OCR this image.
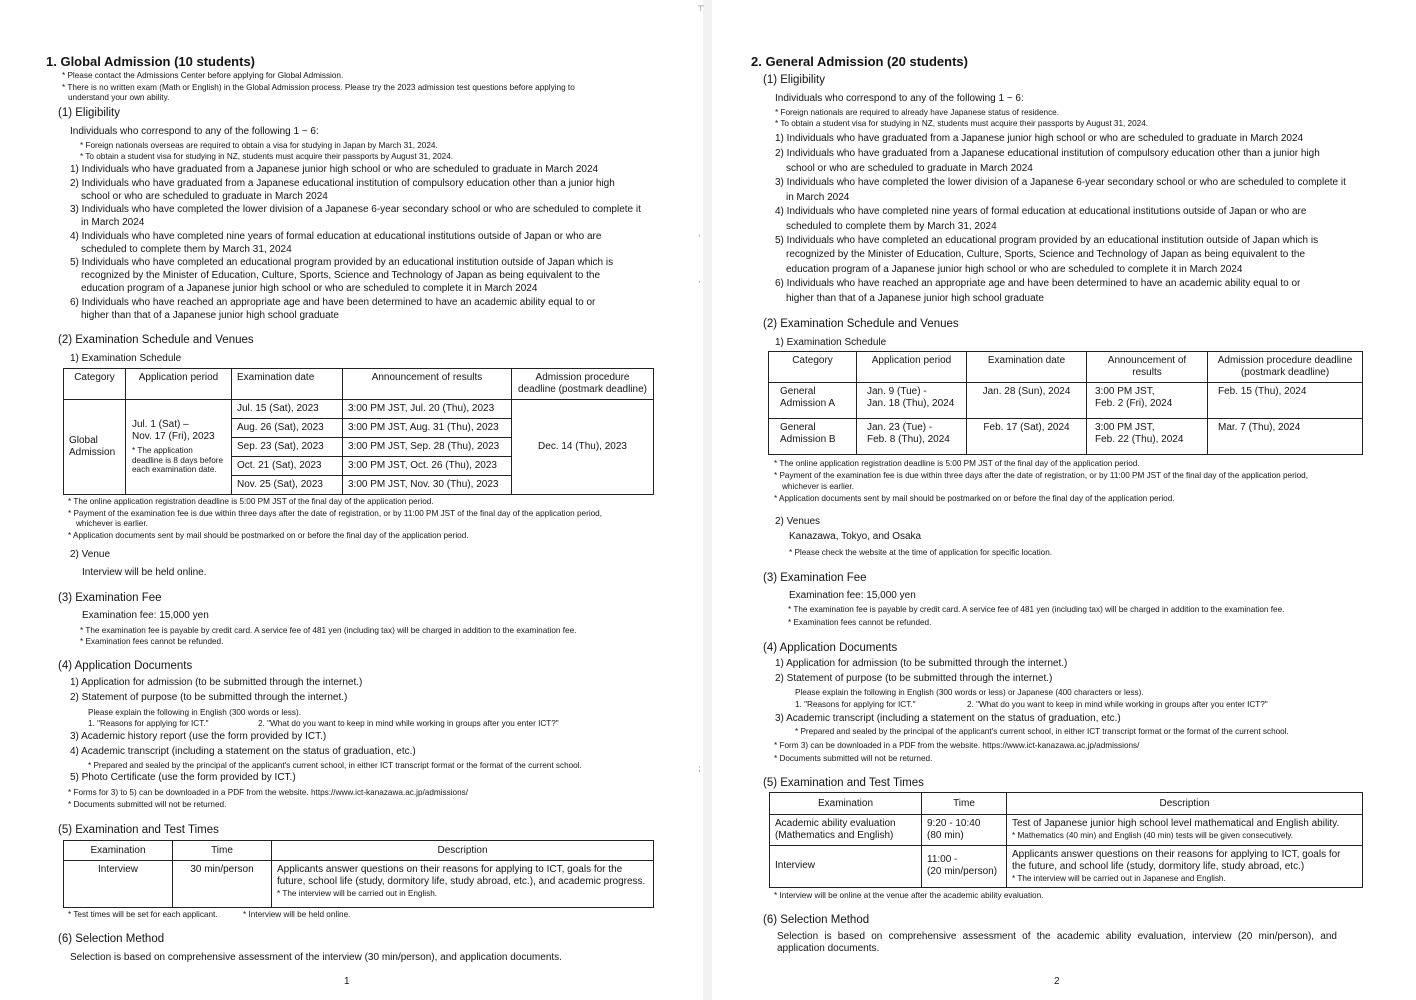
1. Global Admission (10 students)
* Please contact the Admissions Center before applying for Global Admission.
* There is no written exam (Math or English) in the Global Admission process. Please try the 2023 admission test questions before applying to
understand your own ability.
(1) Eligibility
Individuals who correspond to any of the following 1 ~ 6:
* Foreign nationals overseas are required to obtain a visa for studying in Japan by March 31, 2024.
* To obtain a student visa for studying in NZ, students must acquire their passports by August 31, 2024.
1) Individuals who have graduated from a Japanese junior high school or who are scheduled to graduate in March 2024
2) Individuals who have graduated from a Japanese educational institution of compulsory education other than a junior high
school or who are scheduled to graduate in March 2024
3) Individuals who have completed the lower division of a Japanese 6-year secondary school or who are scheduled to complete it
in March 2024
4) Individuals who have completed nine years of formal education at educational institutions outside of Japan or who are
scheduled to complete them by March 31, 2024
5) Individuals who have completed an educational program provided by an educational institution outside of Japan which is
recognized by the Minister of Education, Culture, Sports, Science and Technology of Japan as being equivalent to the
education program of a Japanese junior high school or who are scheduled to complete it in March 2024
6) Individuals who have reached an appropriate age and have been determined to have an academic ability equal to or
higher than that of a Japanese junior high school graduate
(2) Examination Schedule and Venues
1) Examination Schedule
Category	Application period	Examination date	Announcement of results	Admission procedure deadline (postmark deadline)
Global Admission	Jul. 1 (Sat) –
Nov. 17 (Fri), 2023
* The application deadline is 8 days before each examination date.	Jul. 15 (Sat), 2023	3:00 PM JST, Jul. 20 (Thu), 2023	Dec. 14 (Thu), 2023
		Aug. 26 (Sat), 2023	3:00 PM JST, Aug. 31 (Thu), 2023	
		Sep. 23 (Sat), 2023	3:00 PM JST, Sep. 28 (Thu), 2023	
		Oct. 21 (Sat), 2023	3:00 PM JST, Oct. 26 (Thu), 2023	
		Nov. 25 (Sat), 2023	3:00 PM JST, Nov. 30 (Thu), 2023	
* The online application registration deadline is 5:00 PM JST of the final day of the application period.
* Payment of the examination fee is due within three days after the date of registration, or by 11:00 PM JST of the final day of the application period,
whichever is earlier.
* Application documents sent by mail should be postmarked on or before the final day of the application period.
2) Venue
Interview will be held online.
(3) Examination Fee
Examination fee: 15,000 yen
* The examination fee is payable by credit card. A service fee of 481 yen (including tax) will be charged in addition to the examination fee.
* Examination fees cannot be refunded.
(4) Application Documents
1) Application for admission (to be submitted through the internet.)
2) Statement of purpose (to be submitted through the internet.)
Please explain the following in English (300 words or less).
1. "Reasons for applying for ICT."	2. "What do you want to keep in mind while working in groups after you enter ICT?"
3) Academic history report (use the form provided by ICT.)
4) Academic transcript (including a statement on the status of graduation, etc.)
* Prepared and sealed by the principal of the applicant's current school, in either ICT transcript format or the format of the current school.
5) Photo Certificate (use the form provided by ICT.)
* Forms for 3) to 5) can be downloaded in a PDF from the website. https://www.ict-kanazawa.ac.jp/admissions/
* Documents submitted will not be returned.
(5) Examination and Test Times
Examination	Time	Description
Interview	30 min/person	Applicants answer questions on their reasons for applying to ICT, goals for the future, school life (study, dormitory life, study abroad, etc.), and academic progress.
* The interview will be carried out in English.
* Test times will be set for each applicant.	* Interview will be held online.
(6) Selection Method
Selection is based on comprehensive assessment of the interview (30 min/person), and application documents.
1
┬
'
‚
;
2. General Admission (20 students)
(1) Eligibility
Individuals who correspond to any of the following 1 ~ 6:
* Foreign nationals are required to already have Japanese status of residence.
* To obtain a student visa for studying in NZ, students must acquire their passports by August 31, 2024.
1) Individuals who have graduated from a Japanese junior high school or who are scheduled to graduate in March 2024
2) Individuals who have graduated from a Japanese educational institution of compulsory education other than a junior high
school or who are scheduled to graduate in March 2024
3) Individuals who have completed the lower division of a Japanese 6-year secondary school or who are scheduled to complete it
in March 2024
4) Individuals who have completed nine years of formal education at educational institutions outside of Japan or who are
scheduled to complete them by March 31, 2024
5) Individuals who have completed an educational program provided by an educational institution outside of Japan which is
recognized by the Minister of Education, Culture, Sports, Science and Technology of Japan as being equivalent to the
education program of a Japanese junior high school or who are scheduled to complete it in March 2024
6) Individuals who have reached an appropriate age and have been determined to have an academic ability equal to or
higher than that of a Japanese junior high school graduate
(2) Examination Schedule and Venues
1) Examination Schedule
Category	Application period	Examination date	Announcement of results	Admission procedure deadline (postmark deadline)
General
Admission A	Jan. 9 (Tue) -
Jan. 18 (Thu), 2024	Jan. 28 (Sun), 2024	3:00 PM JST,
Feb. 2 (Fri), 2024	Feb. 15 (Thu), 2024
General
Admission B	Jan. 23 (Tue) -
Feb. 8 (Thu), 2024	Feb. 17 (Sat), 2024	3:00 PM JST,
Feb. 22 (Thu), 2024	Mar. 7 (Thu), 2024
* The online application registration deadline is 5:00 PM JST of the final day of the application period.
* Payment of the examination fee is due within three days after the date of registration, or by 11:00 PM JST of the final day of the application period,
whichever is earlier.
* Application documents sent by mail should be postmarked on or before the final day of the application period.
2) Venues
Kanazawa, Tokyo, and Osaka
* Please check the website at the time of application for specific location.
(3) Examination Fee
Examination fee: 15,000 yen
* The examination fee is payable by credit card. A service fee of 481 yen (including tax) will be charged in addition to the examination fee.
* Examination fees cannot be refunded.
(4) Application Documents
1) Application for admission (to be submitted through the internet.)
2) Statement of purpose (to be submitted through the internet.)
Please explain the following in English (300 words or less) or Japanese (400 characters or less).
1. "Reasons for applying for ICT."	2. "What do you want to keep in mind while working in groups after you enter ICT?"
3) Academic transcript (including a statement on the status of graduation, etc.)
* Prepared and sealed by the principal of the applicant's current school, in either ICT transcript format or the format of the current school.
* Form 3) can be downloaded in a PDF from the website. https://www.ict-kanazawa.ac.jp/admissions/
* Documents submitted will not be returned.
(5) Examination and Test Times
Examination	Time	Description
Academic ability evaluation
(Mathematics and English)	9:20 - 10:40
(80 min)	Test of Japanese junior high school level mathematical and English ability.
* Mathematics (40 min) and English (40 min) tests will be given consecutively.

Interview	11:00 -
(20 min/person)	Applicants answer questions on their reasons for applying to ICT, goals for the future, and school life (study, dormitory life, study abroad, etc.)
* The interview will be carried out in Japanese and English.
* Interview will be online at the venue after the academic ability evaluation.
(6) Selection Method
Selection is based on comprehensive assessment of the academic ability evaluation, interview (20 min/person), and application documents.
2
